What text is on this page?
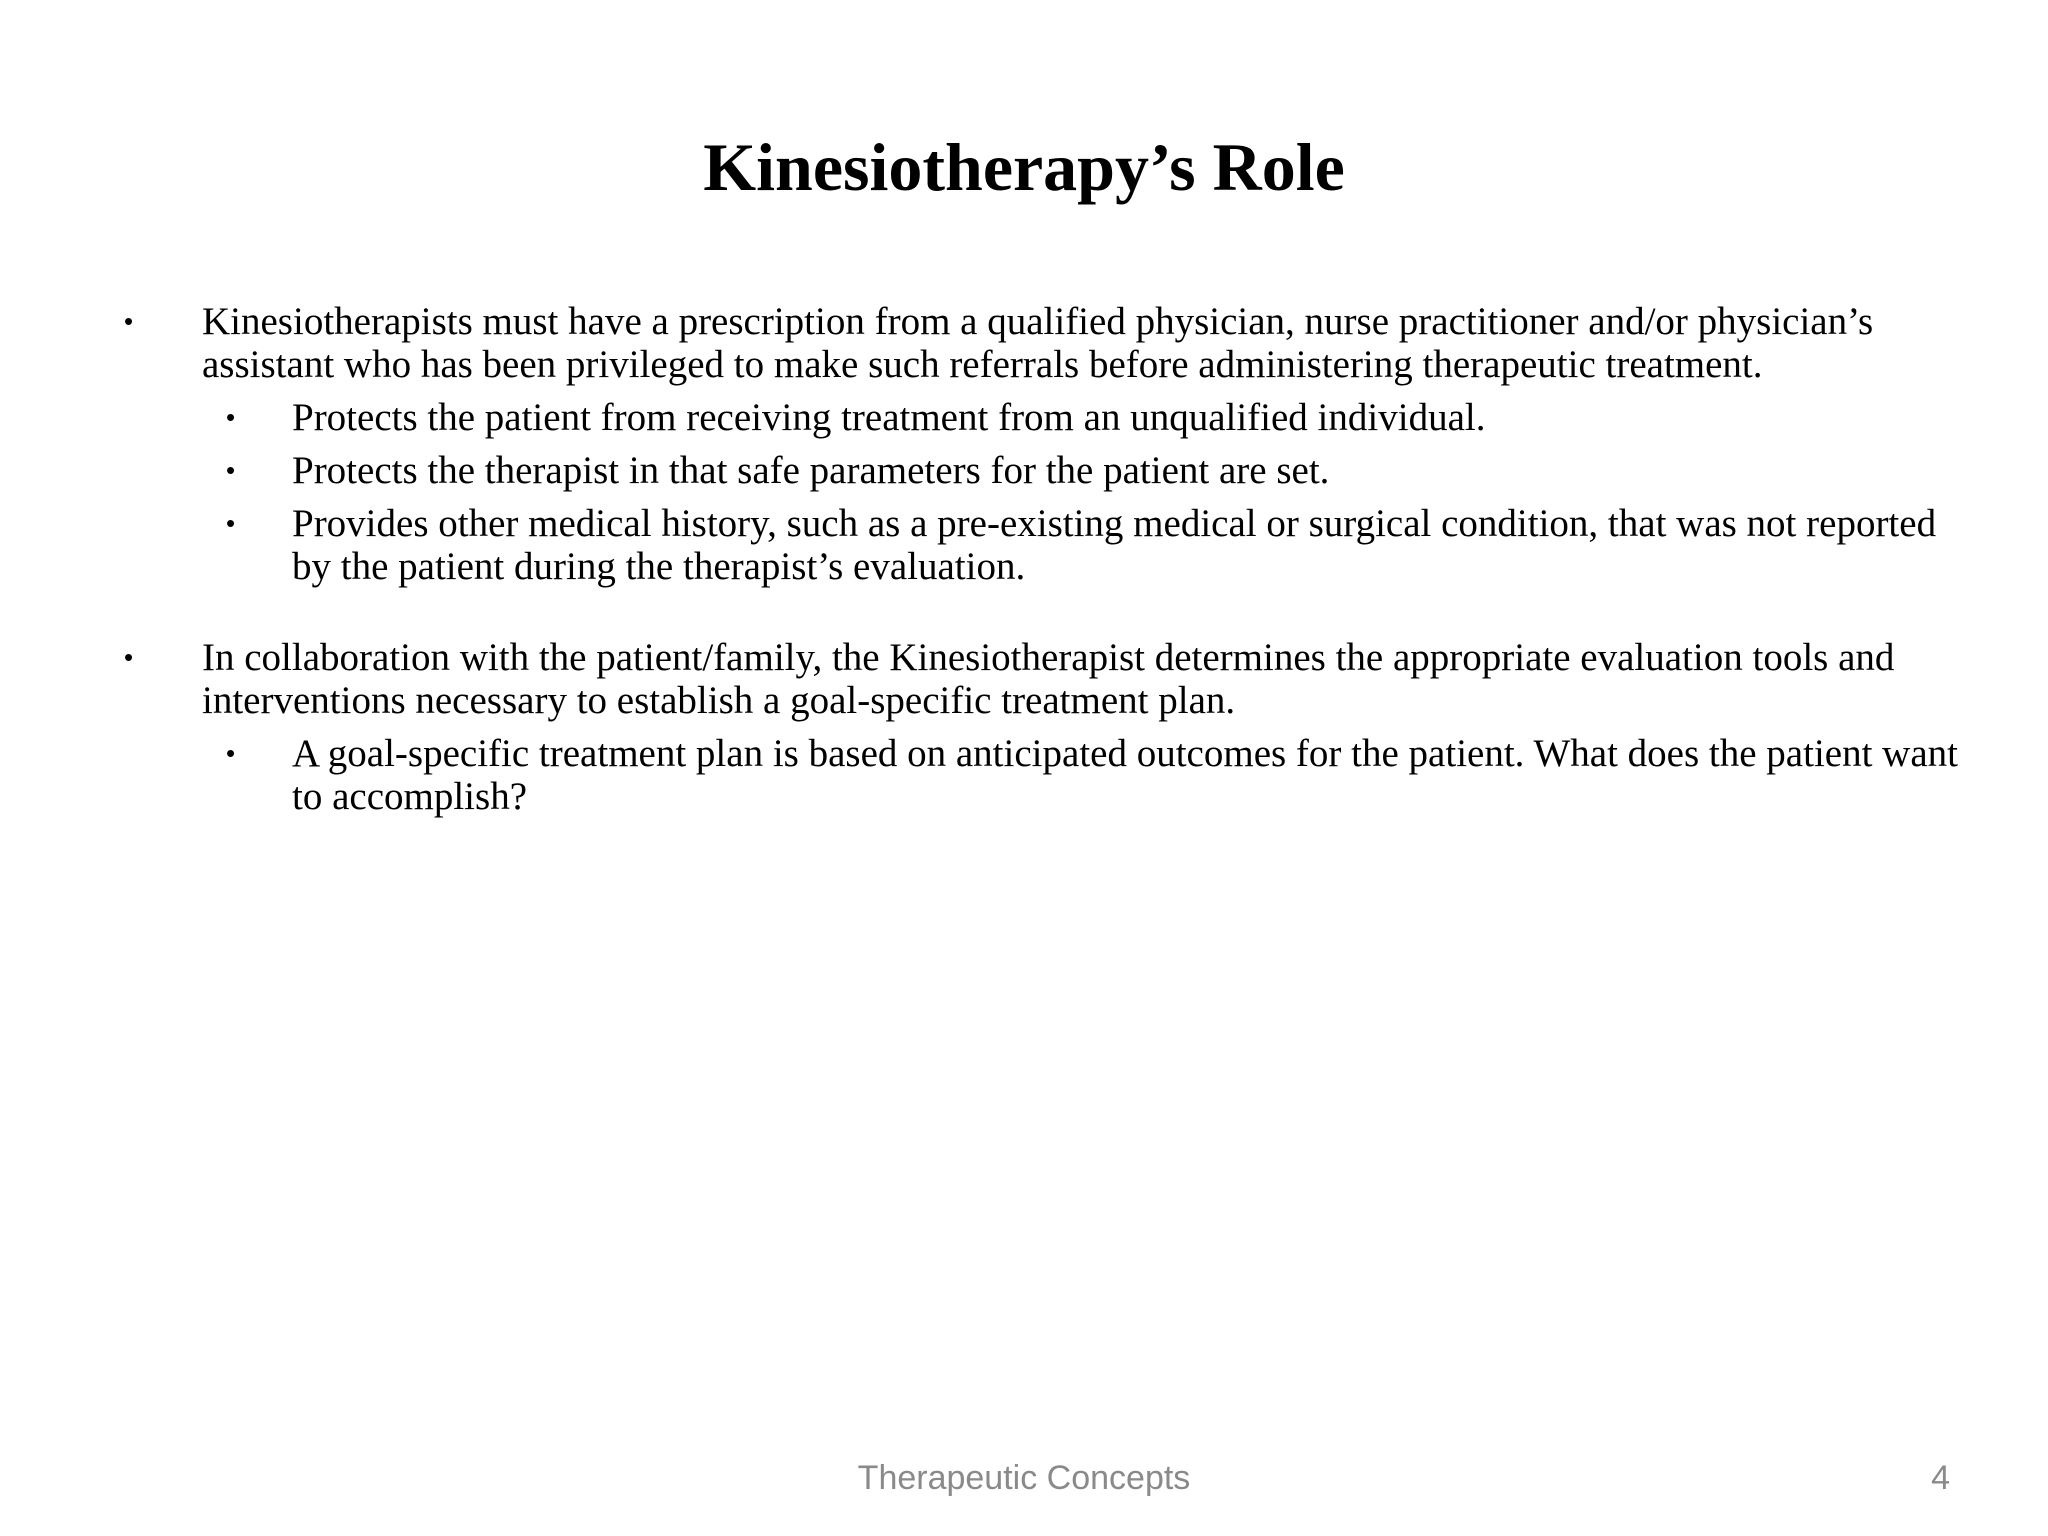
Kinesiotherapy’s Role
• Kinesiotherapists must have a prescription from a qualified physician, nurse practitioner and/or physician’s assistant who has been privileged to make such referrals before administering therapeutic treatment.
• Protects the patient from receiving treatment from an unqualified individual.
• Protects the therapist in that safe parameters for the patient are set.
• Provides other medical history, such as a pre-existing medical or surgical condition, that was not reported by the patient during the therapist’s evaluation.
• In collaboration with the patient/family, the Kinesiotherapist determines the appropriate evaluation tools and interventions necessary to establish a goal-specific treatment plan.
• A goal-specific treatment plan is based on anticipated outcomes for the patient. What does the patient want to accomplish?
Therapeutic Concepts	4
